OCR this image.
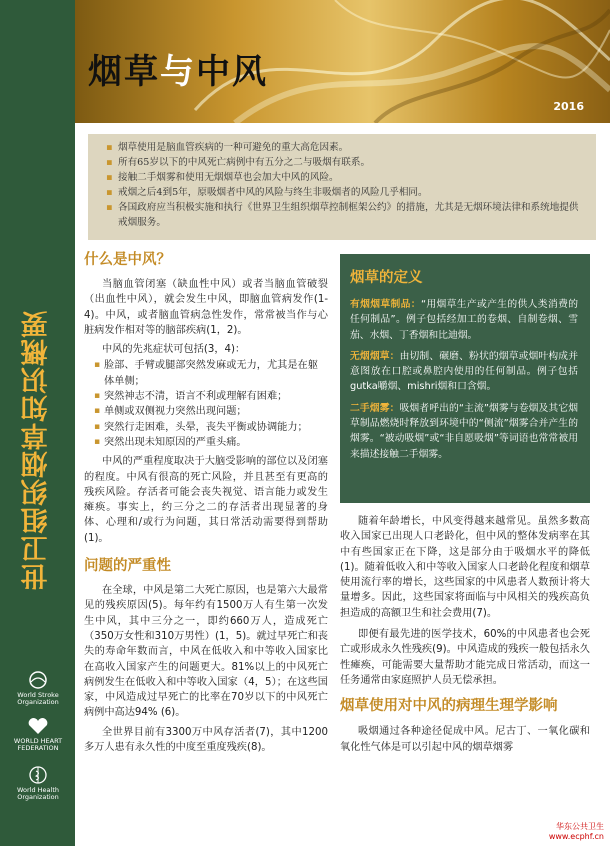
烟草与中风
2016
世卫组织烟草知识概要
World Stroke Organization
WORLD HEART FEDERATION
World Health Organization
▪ 烟草使用是脑血管疾病的一种可避免的重大高危因素。
▪ 所有65岁以下的中风死亡病例中有五分之二与吸烟有联系。
▪ 接触二手烟雾和使用无烟烟草也会加大中风的风险。
▪ 戒烟之后4到5年，原吸烟者中风的风险与终生非吸烟者的风险几乎相同。
▪ 各国政府应当积极实施和执行《世界卫生组织烟草控制框架公约》的措施，尤其是无烟环境法律和系统地提供戒烟服务。
什么是中风？

当脑血管闭塞（缺血性中风）或者当脑血管破裂（出血性中风），就会发生中风，即脑血管病发作(1-4)。中风，或者脑血管病急性发作，常常被当作与心脏病发作相对等的脑部疾病(1，2)。

中风的先兆症状可包括(3，4)：

▪ 脸部、手臂或腿部突然发麻或无力，尤其是在躯体单侧；
▪ 突然神志不清，语言不利或理解有困难；
▪ 单侧或双侧视力突然出现问题；
▪ 突然行走困难，头晕，丧失平衡或协调能力；
▪ 突然出现未知原因的严重头痛。

中风的严重程度取决于大脑受影响的部位以及闭塞的程度。中风有很高的死亡风险，并且甚至有更高的残疾风险。存活者可能会丧失视觉、语言能力或发生瘫痪。事实上，约三分之二的存活者出现显著的身体、心理和/或行为问题，其日常活动需要得到帮助(1)。

问题的严重性

在全球，中风是第二大死亡原因，也是第六大最常见的残疾原因(5)。每年约有1500万人有生第一次发生中风，其中三分之一，即约660万人，造成死亡（350万女性和310万男性）(1，5)。就过早死亡和丧失的寿命年数而言，中风在低收入和中等收入国家比在高收入国家产生的问题更大。81%以上的中风死亡病例发生在低收入和中等收入国家（4，5）；在这些国家，中风造成过早死亡的比率在70岁以下的中风死亡病例中高达94% (6)。

全世界目前有3300万中风存活者(7)，其中1200多万人患有永久性的中度至重度残疾(8)。

烟草的定义
有烟烟草制品：“用烟草生产或产生的供人类消费的任何制品”。例子包括经加工的卷烟、自制卷烟、雪茄、水烟、丁香烟和比迪烟。
无烟烟草：由切制、碾磨、粉状的烟草或烟叶构成并意图放在口腔或鼻腔内使用的任何制品。例子包括gutka嚼烟、mishri烟和口含烟。
二手烟雾：吸烟者呼出的“主流”烟雾与卷烟及其它烟草制品燃烧时释放到环境中的“侧流”烟雾合并产生的烟雾。“被动吸烟”或“非自愿吸烟”等词语也常常被用来描述接触二手烟雾。

随着年龄增长，中风变得越来越常见。虽然多数高收入国家已出现人口老龄化，但中风的整体发病率在其中有些国家正在下降，这是部分由于吸烟水平的降低(1)。随着低收入和中等收入国家人口老龄化程度和烟草使用流行率的增长，这些国家的中风患者人数预计将大量增多。因此，这些国家将面临与中风相关的残疾高负担造成的高额卫生和社会费用(7)。

即便有最先进的医学技术，60%的中风患者也会死亡或形成永久性残疾(9)。中风造成的残疾一般包括永久性瘫痪，可能需要大量帮助才能完成日常活动，而这一任务通常由家庭照护人员无偿承担。

烟草使用对中风的病理生理学影响

吸烟通过各种途径促成中风。尼古丁、一氧化碳和氧化性气体是可以引起中风的烟草烟雾

华东公共卫生
www.ecphf.cn
